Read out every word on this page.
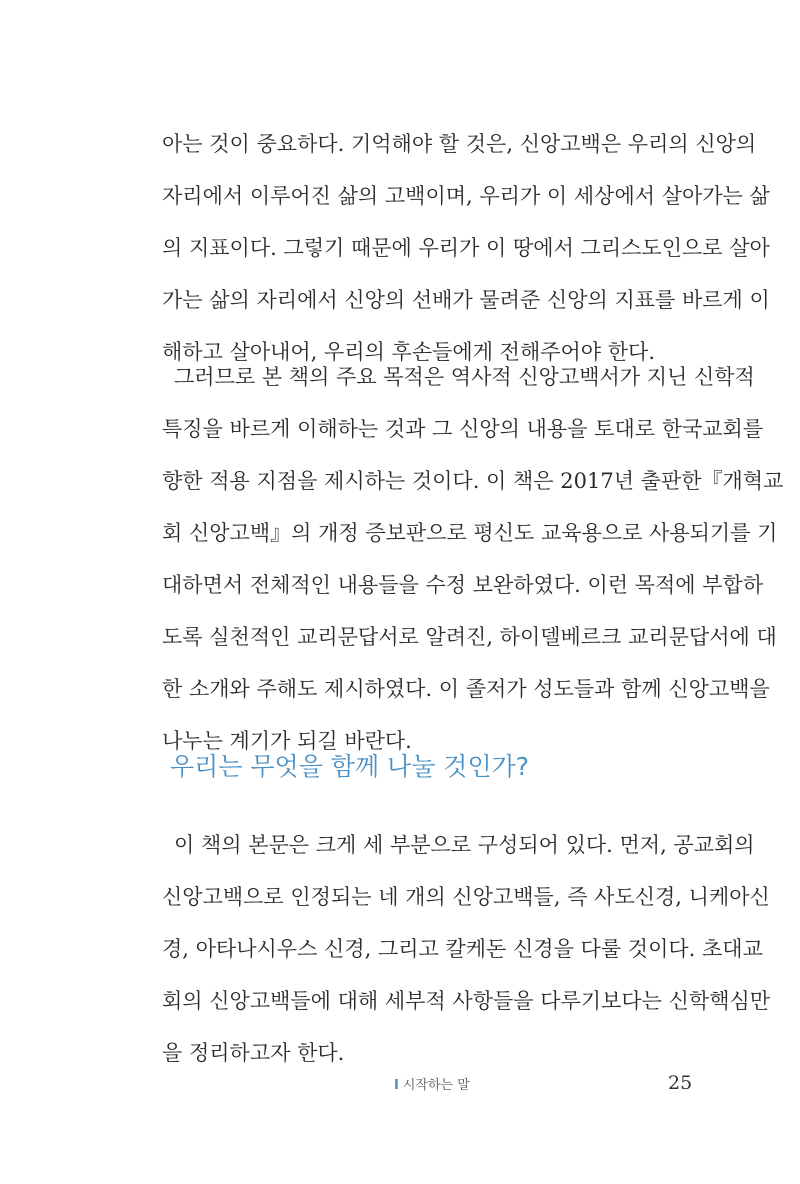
아는 것이 중요하다. 기억해야 할 것은, 신앙고백은 우리의 신앙의
자리에서 이루어진 삶의 고백이며, 우리가 이 세상에서 살아가는 삶
의 지표이다. 그렇기 때문에 우리가 이 땅에서 그리스도인으로 살아
가는 삶의 자리에서 신앙의 선배가 물려준 신앙의 지표를 바르게 이
해하고 살아내어, 우리의 후손들에게 전해주어야 한다.
그러므로 본 책의 주요 목적은 역사적 신앙고백서가 지닌 신학적
특징을 바르게 이해하는 것과 그 신앙의 내용을 토대로 한국교회를
향한 적용 지점을 제시하는 것이다. 이 책은 2017년 출판한『개혁교
회 신앙고백』의 개정 증보판으로 평신도 교육용으로 사용되기를 기
대하면서 전체적인 내용들을 수정 보완하였다. 이런 목적에 부합하
도록 실천적인 교리문답서로 알려진, 하이델베르크 교리문답서에 대
한 소개와 주해도 제시하였다. 이 졸저가 성도들과 함께 신앙고백을
나누는 계기가 되길 바란다.
우리는 무엇을 함께 나눌 것인가?
이 책의 본문은 크게 세 부분으로 구성되어 있다. 먼저, 공교회의
신앙고백으로 인정되는 네 개의 신앙고백들, 즉 사도신경, 니케아신
경, 아타나시우스 신경, 그리고 칼케돈 신경을 다룰 것이다. 초대교
회의 신앙고백들에 대해 세부적 사항들을 다루기보다는 신학핵심만
을 정리하고자 한다.
I 시작하는 말	25
